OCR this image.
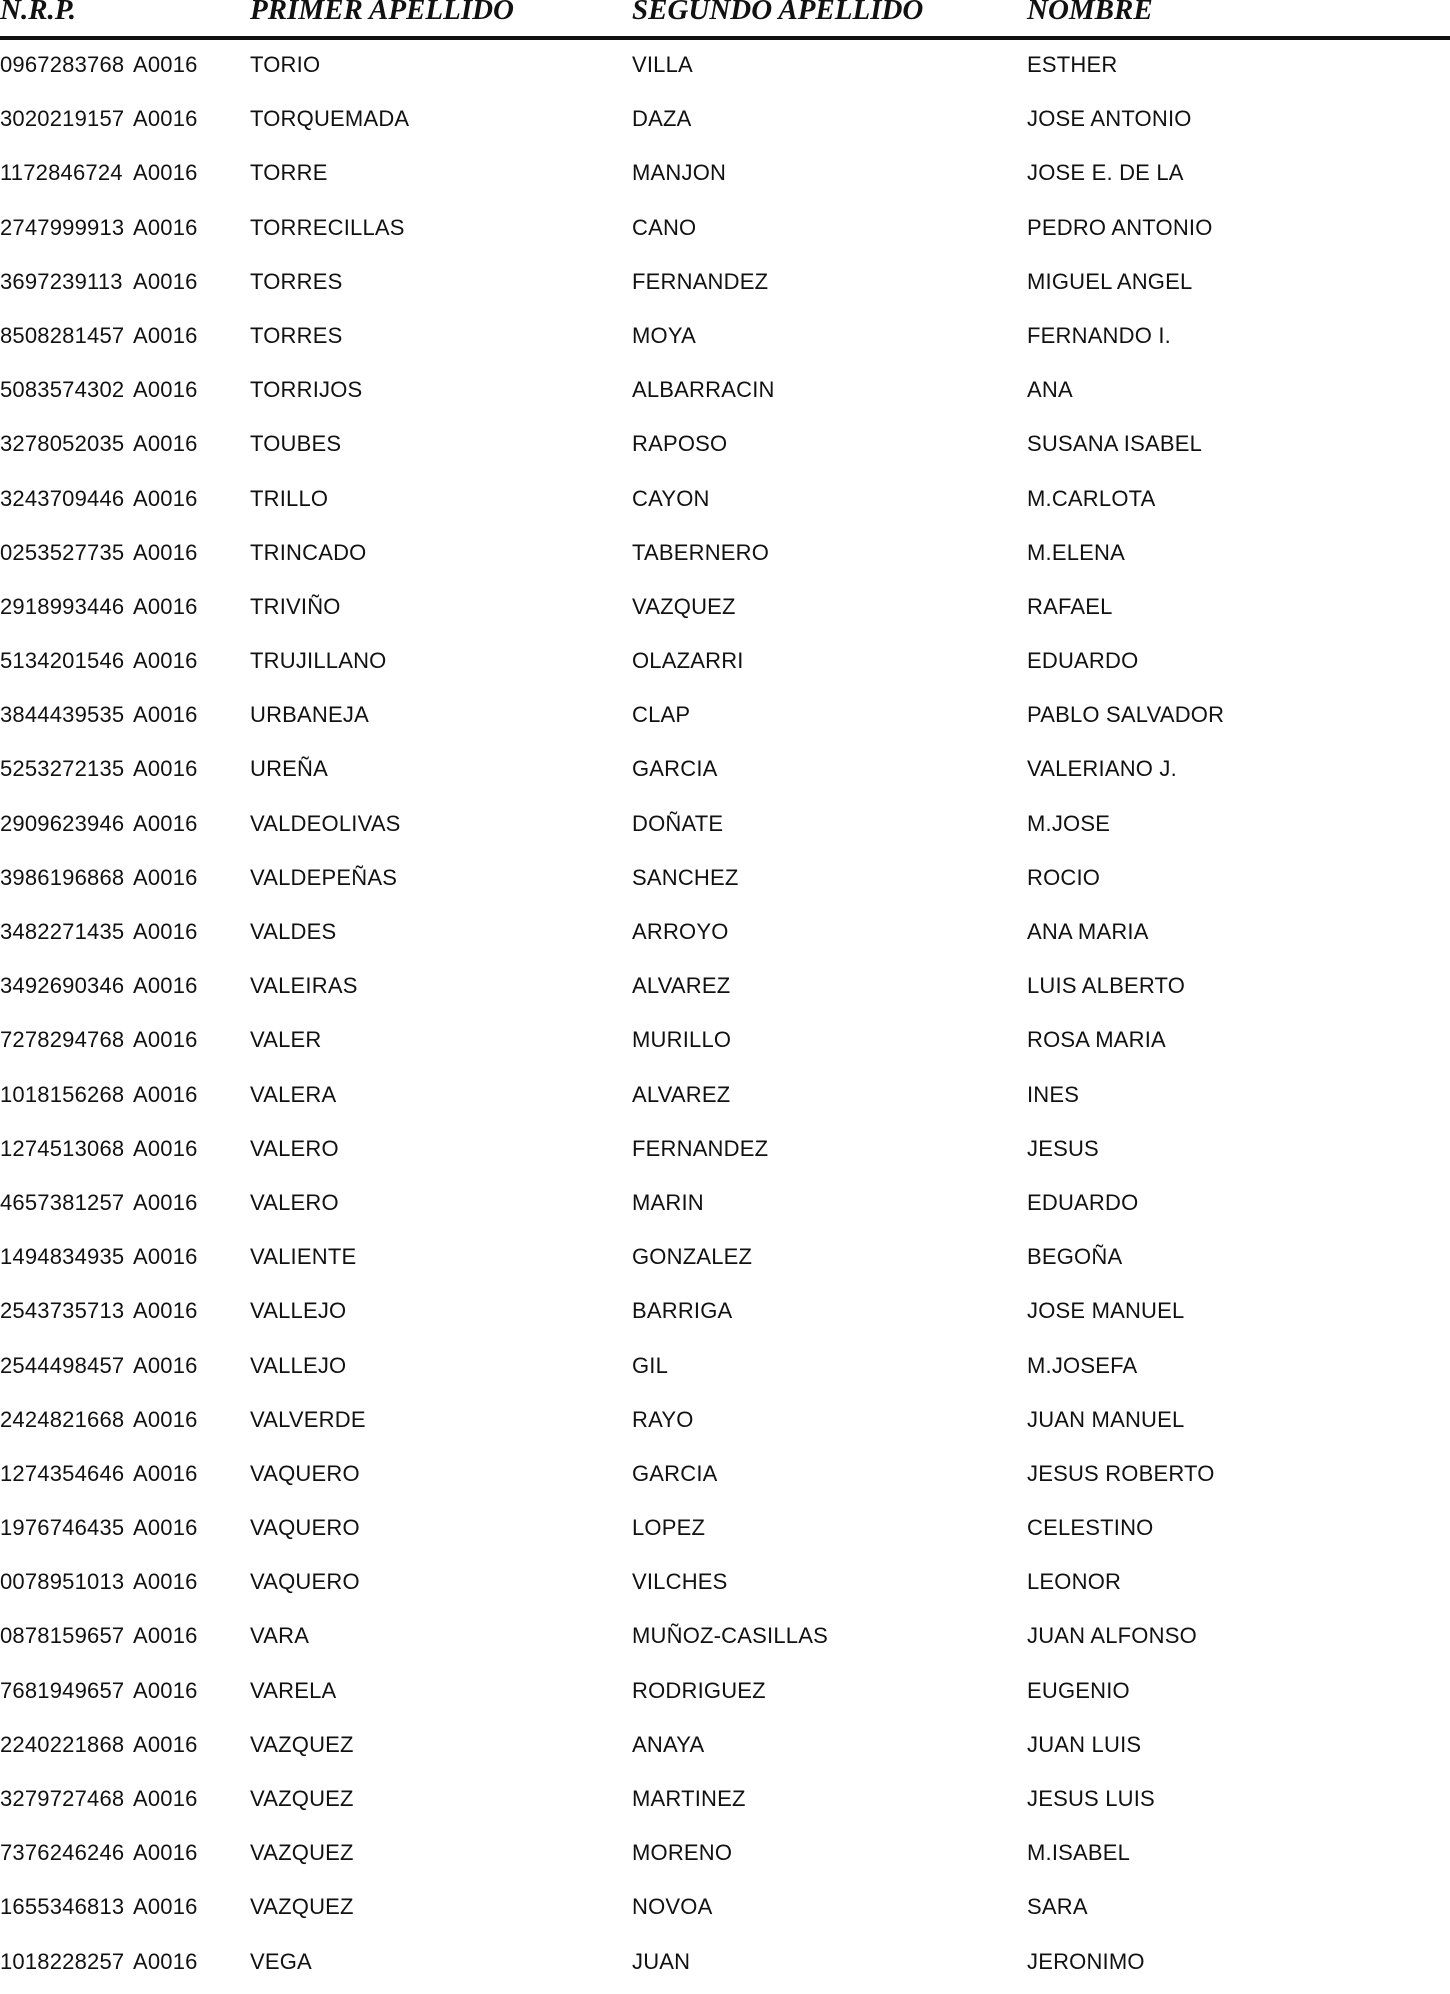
N.R.P.	PRIMER APELLIDO	SEGUNDO APELLIDO	NOMBRE
0967283768 A0016 TORIO	VILLA	ESTHER
3020219157 A0016 TORQUEMADA	DAZA	JOSE ANTONIO
1172846724 A0016 TORRE	MANJON	JOSE E. DE LA
2747999913 A0016 TORRECILLAS	CANO	PEDRO ANTONIO
3697239113 A0016 TORRES	FERNANDEZ	MIGUEL ANGEL
8508281457 A0016 TORRES	MOYA	FERNANDO I.
5083574302 A0016 TORRIJOS	ALBARRACIN	ANA
3278052035 A0016 TOUBES	RAPOSO	SUSANA ISABEL
3243709446 A0016 TRILLO	CAYON	M.CARLOTA
0253527735 A0016 TRINCADO	TABERNERO	M.ELENA
2918993446 A0016 TRIVIÑO	VAZQUEZ	RAFAEL
5134201546 A0016 TRUJILLANO	OLAZARRI	EDUARDO
3844439535 A0016 URBANEJA	CLAP	PABLO SALVADOR
5253272135 A0016 UREÑA	GARCIA	VALERIANO J.
2909623946 A0016 VALDEOLIVAS	DOÑATE	M.JOSE
3986196868 A0016 VALDEPEÑAS	SANCHEZ	ROCIO
3482271435 A0016 VALDES	ARROYO	ANA MARIA
3492690346 A0016 VALEIRAS	ALVAREZ	LUIS ALBERTO
7278294768 A0016 VALER	MURILLO	ROSA MARIA
1018156268 A0016 VALERA	ALVAREZ	INES
1274513068 A0016 VALERO	FERNANDEZ	JESUS
4657381257 A0016 VALERO	MARIN	EDUARDO
1494834935 A0016 VALIENTE	GONZALEZ	BEGOÑA
2543735713 A0016 VALLEJO	BARRIGA	JOSE MANUEL
2544498457 A0016 VALLEJO	GIL	M.JOSEFA
2424821668 A0016 VALVERDE	RAYO	JUAN MANUEL
1274354646 A0016 VAQUERO	GARCIA	JESUS ROBERTO
1976746435 A0016 VAQUERO	LOPEZ	CELESTINO
0078951013 A0016 VAQUERO	VILCHES	LEONOR
0878159657 A0016 VARA	MUÑOZ-CASILLAS	JUAN ALFONSO
7681949657 A0016 VARELA	RODRIGUEZ	EUGENIO
2240221868 A0016 VAZQUEZ	ANAYA	JUAN LUIS
3279727468 A0016 VAZQUEZ	MARTINEZ	JESUS LUIS
7376246246 A0016 VAZQUEZ	MORENO	M.ISABEL
1655346813 A0016 VAZQUEZ	NOVOA	SARA
1018228257 A0016 VEGA	JUAN	JERONIMO
